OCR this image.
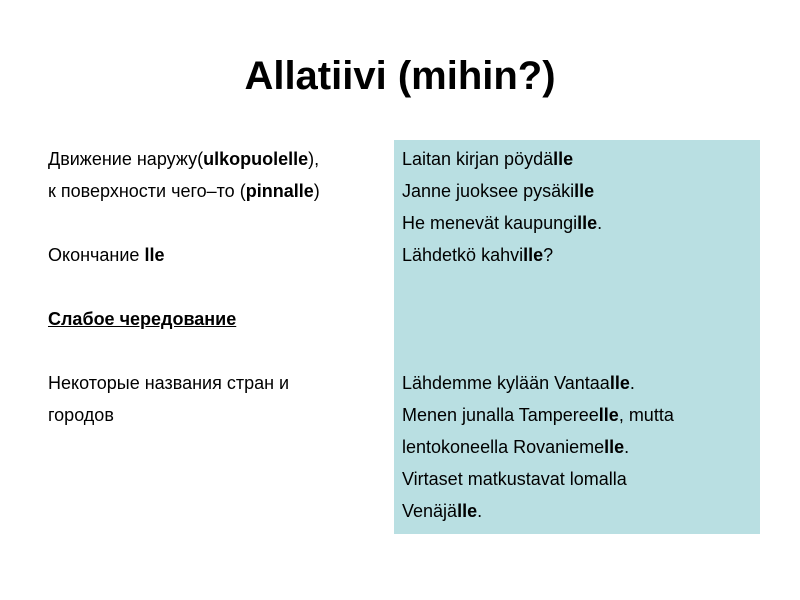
Allatiivi (mihin?)
Движение наружу(ulkopuolelle),
к поверхности чего–то (pinnalle)
Окончание lle
Слабое чередование
Некоторые названия стран и
городов
Laitan kirjan pöydälle
Janne juoksee pysäkille
He menevät kaupungille.
Lähdetkö kahville?
Lähdemme kylään Vantaalle.
Menen junalla Tampereelle, mutta
lentokoneella Rovaniemelle.
Virtaset matkustavat lomalla
Venäjälle.
